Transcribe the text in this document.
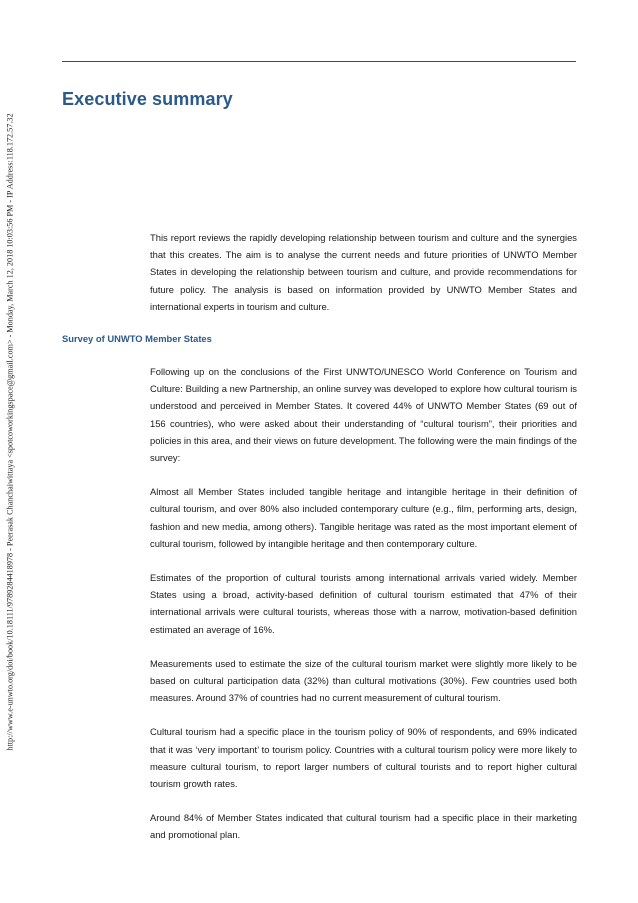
http://www.e-unwto.org/doi/book/10.18111/9789284418978 - Peerasak Chanchaiwittaya <spotcoworkingspace@gmail.com> - Monday, March 12, 2018 10:03:56 PM - IP Address:118.172.57.32
Executive summary

This report reviews the rapidly developing relationship between tourism and culture and the synergies that this creates. The aim is to analyse the current needs and future priorities of UNWTO Member States in developing the relationship between tourism and culture, and provide recommendations for future policy. The analysis is based on information provided by UNWTO Member States and international experts in tourism and culture.

Survey of UNWTO Member States

Following up on the conclusions of the First UNWTO/UNESCO World Conference on Tourism and Culture: Building a new Partnership, an online survey was developed to explore how cultural tourism is understood and perceived in Member States. It covered 44% of UNWTO Member States (69 out of 156 countries), who were asked about their understanding of “cultural tourism”, their priorities and policies in this area, and their views on future development. The following were the main findings of the survey:

Almost all Member States included tangible heritage and intangible heritage in their definition of cultural tourism, and over 80% also included contemporary culture (e.g., film, performing arts, design, fashion and new media, among others). Tangible heritage was rated as the most important element of cultural tourism, followed by intangible heritage and then contemporary culture.

Estimates of the proportion of cultural tourists among international arrivals varied widely. Member States using a broad, activity-based definition of cultural tourism estimated that 47% of their international arrivals were cultural tourists, whereas those with a narrow, motivation-based definition estimated an average of 16%.

Measurements used to estimate the size of the cultural tourism market were slightly more likely to be based on cultural participation data (32%) than cultural motivations (30%). Few countries used both measures. Around 37% of countries had no current measurement of cultural tourism.

Cultural tourism had a specific place in the tourism policy of 90% of respondents, and 69% indicated that it was ‘very important’ to tourism policy. Countries with a cultural tourism policy were more likely to measure cultural tourism, to report larger numbers of cultural tourists and to report higher cultural tourism growth rates.

Around 84% of Member States indicated that cultural tourism had a specific place in their marketing and promotional plan.
